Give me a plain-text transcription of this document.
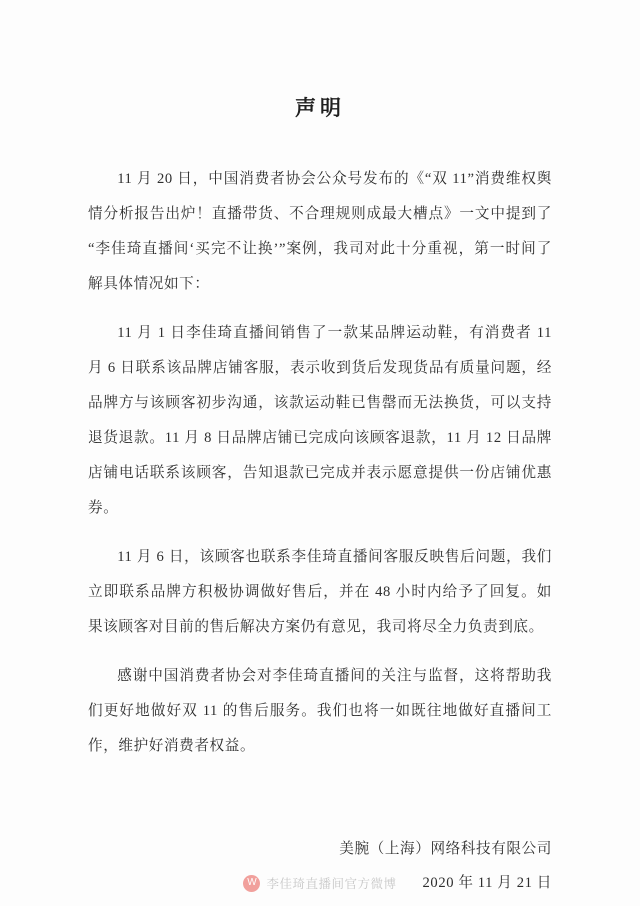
声明

11 月 20 日，中国消费者协会公众号发布的《“双 11”消费维权舆情分析报告出炉！直播带货、不合理规则成最大槽点》一文中提到了“李佳琦直播间‘买完不让换’”案例，我司对此十分重视，第一时间了解具体情况如下：

11 月 1 日李佳琦直播间销售了一款某品牌运动鞋，有消费者 11 月 6 日联系该品牌店铺客服，表示收到货后发现货品有质量问题，经品牌方与该顾客初步沟通，该款运动鞋已售罄而无法换货，可以支持退货退款。11 月 8 日品牌店铺已完成向该顾客退款，11 月 12 日品牌店铺电话联系该顾客，告知退款已完成并表示愿意提供一份店铺优惠券。

11 月 6 日，该顾客也联系李佳琦直播间客服反映售后问题，我们立即联系品牌方积极协调做好售后，并在 48 小时内给予了回复。如果该顾客对目前的售后解决方案仍有意见，我司将尽全力负责到底。

感谢中国消费者协会对李佳琦直播间的关注与监督，这将帮助我们更好地做好双 11 的售后服务。我们也将一如既往地做好直播间工作，维护好消费者权益。

美腕（上海）网络科技有限公司
2020 年 11 月 21 日
W 李佳琦直播间官方微博
